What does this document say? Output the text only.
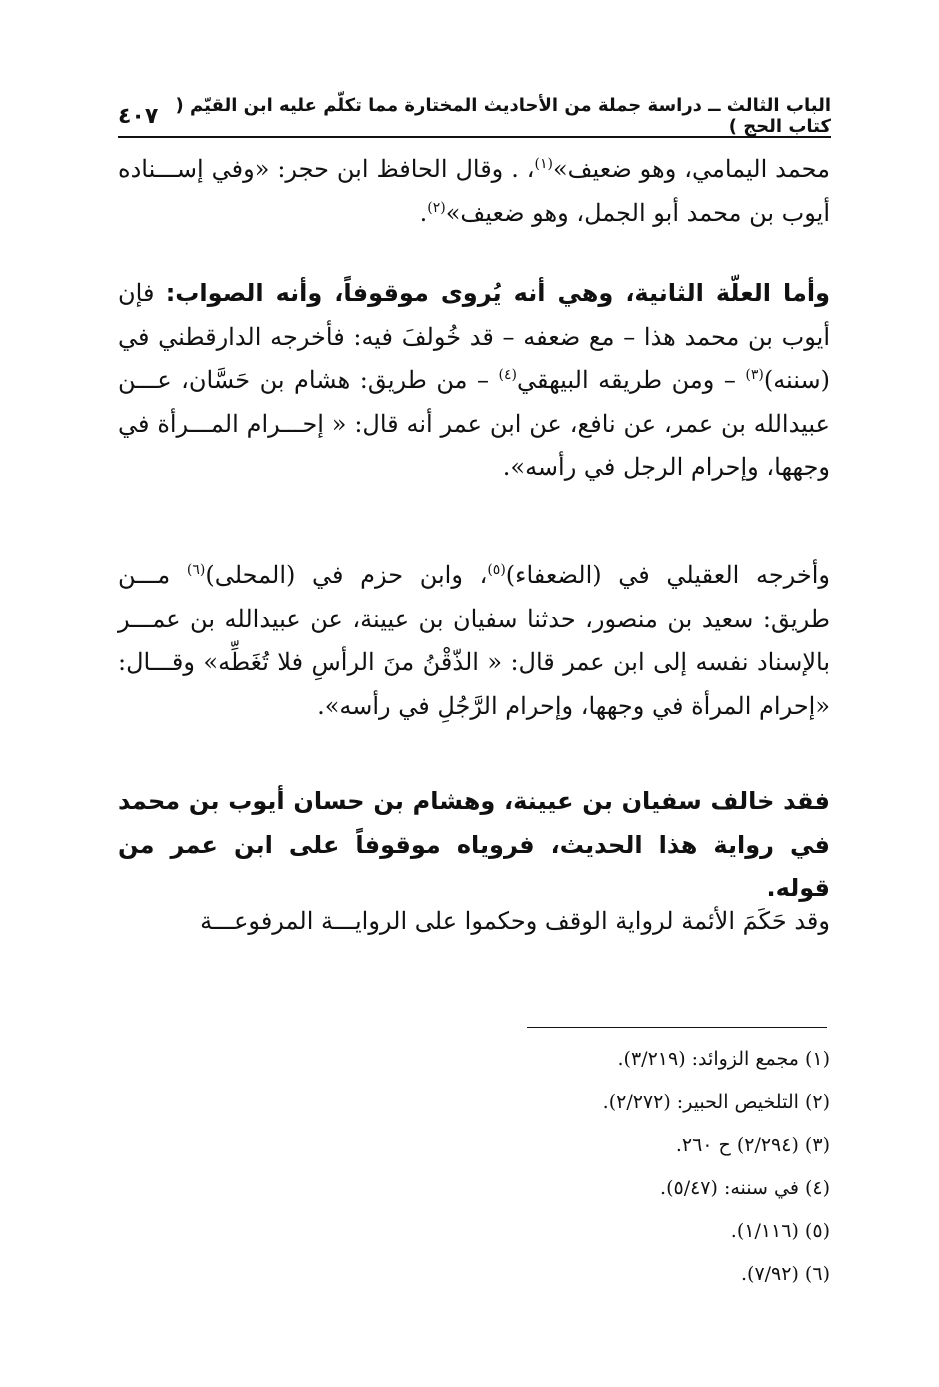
الباب الثالث ــ دراسة جملة من الأحاديث المختارة مما تكلّم عليه ابن القيّم ( كتاب الحج )
٤٠٧

محمد اليمامي، وهو ضعيف»$^{(١)}$، . وقال الحافظ ابن حجر: «وفي إســـناده أيوب بن محمد أبو الجمل، وهو ضعيف»$^{(٢)}$.

وأما العلّة الثانية، وهي أنه يُروى موقوفاً، وأنه الصواب: فإن أيوب بن محمد هذا – مع ضعفه – قد خُولفَ فيه: فأخرجه الدارقطني في (سننه)$^{(٣)}$ – ومن طريقه البيهقي$^{(٤)}$ – من طريق: هشام بن حَسَّان، عـــن عبيدالله بن عمر، عن نافع، عن ابن عمر أنه قال: « إحـــرام المـــرأة في وجهها، وإحرام الرجل في رأسه».

وأخرجه العقيلي في (الضعفاء)$^{(٥)}$، وابن حزم في (المحلى)$^{(٦)}$ مـــن طريق: سعيد بن منصور، حدثنا سفيان بن عيينة، عن عبيدالله بن عمـــر بالإسناد نفسه إلى ابن عمر قال: « الذّقْنُ منَ الرأسِ فلا تُغَطِّه» وقـــال: «إحرام المرأة في وجهها، وإحرام الرَّجُلِ في رأسه».

فقد خالف سفيان بن عيينة، وهشام بن حسان أيوب بن محمد في رواية هذا الحديث، فروياه موقوفاً على ابن عمر من قوله.

وقد حَكَمَ الأئمة لرواية الوقف وحكموا على الروايـــة المرفوعـــة

(١) مجمع الزوائد: (٣/٢١٩).

(٢) التلخيص الحبير: (٢/٢٧٢).

(٣) (٢/٢٩٤) ح ٢٦٠.

(٤) في سننه: (٥/٤٧).

(٥) (١/١١٦).

(٦) (٧/٩٢).
